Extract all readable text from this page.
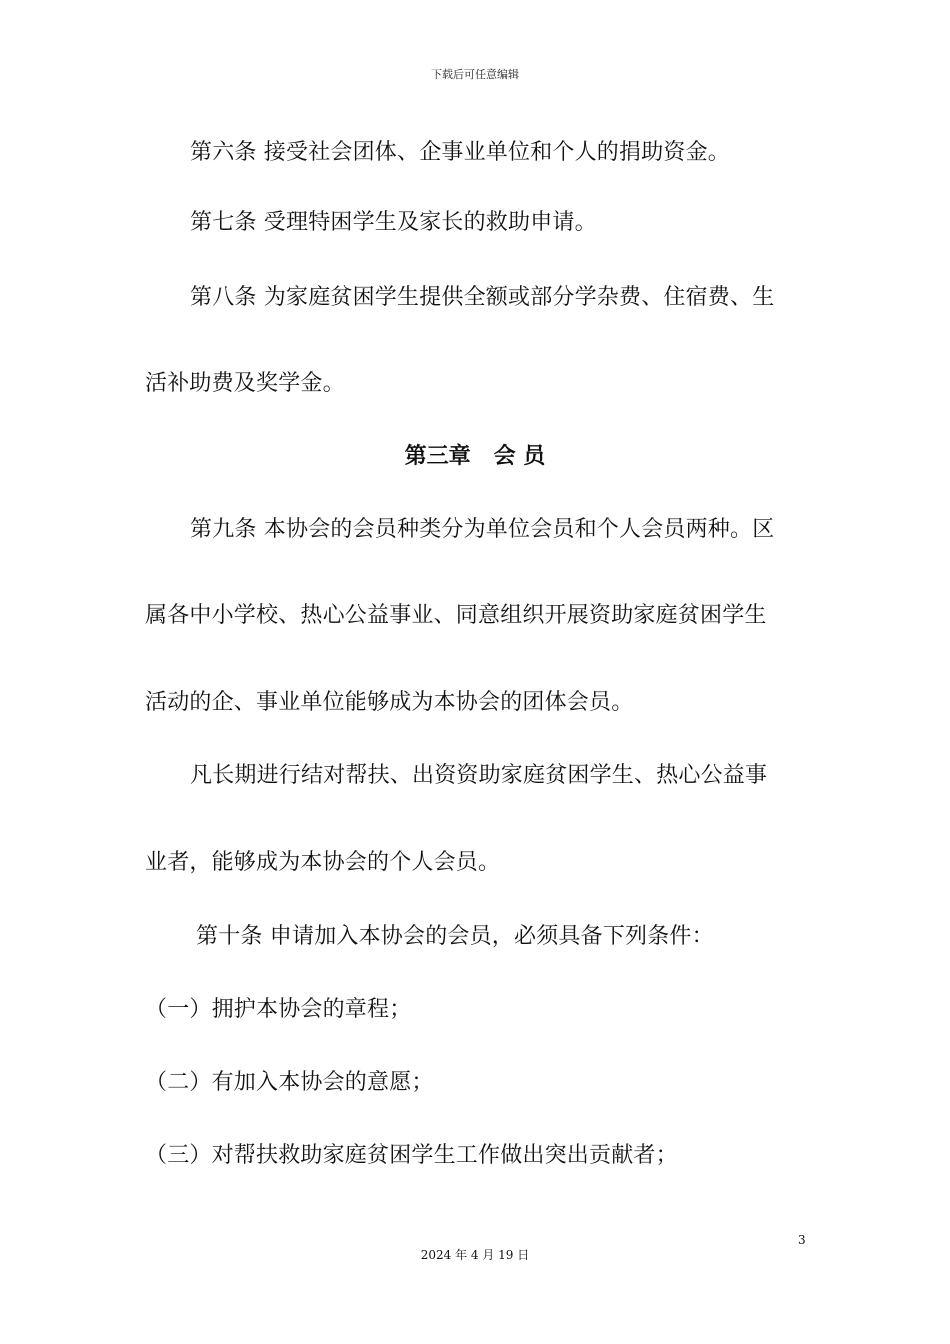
下载后可任意编辑
第六条 接受社会团体、企事业单位和个人的捐助资金。
第七条 受理特困学生及家长的救助申请。
第八条 为家庭贫困学生提供全额或部分学杂费、住宿费、生
活补助费及奖学金。
第三章   会 员
第九条 本协会的会员种类分为单位会员和个人会员两种。区
属各中小学校、热心公益事业、同意组织开展资助家庭贫困学生
活动的企、事业单位能够成为本协会的团体会员。
凡长期进行结对帮扶、出资资助家庭贫困学生、热心公益事
业者，能够成为本协会的个人会员。
第十条 申请加入本协会的会员，必须具备下列条件：
（一）拥护本协会的章程；
（二）有加入本协会的意愿；
（三）对帮扶救助家庭贫困学生工作做出突出贡献者；
3
2024 年 4 月 19 日
